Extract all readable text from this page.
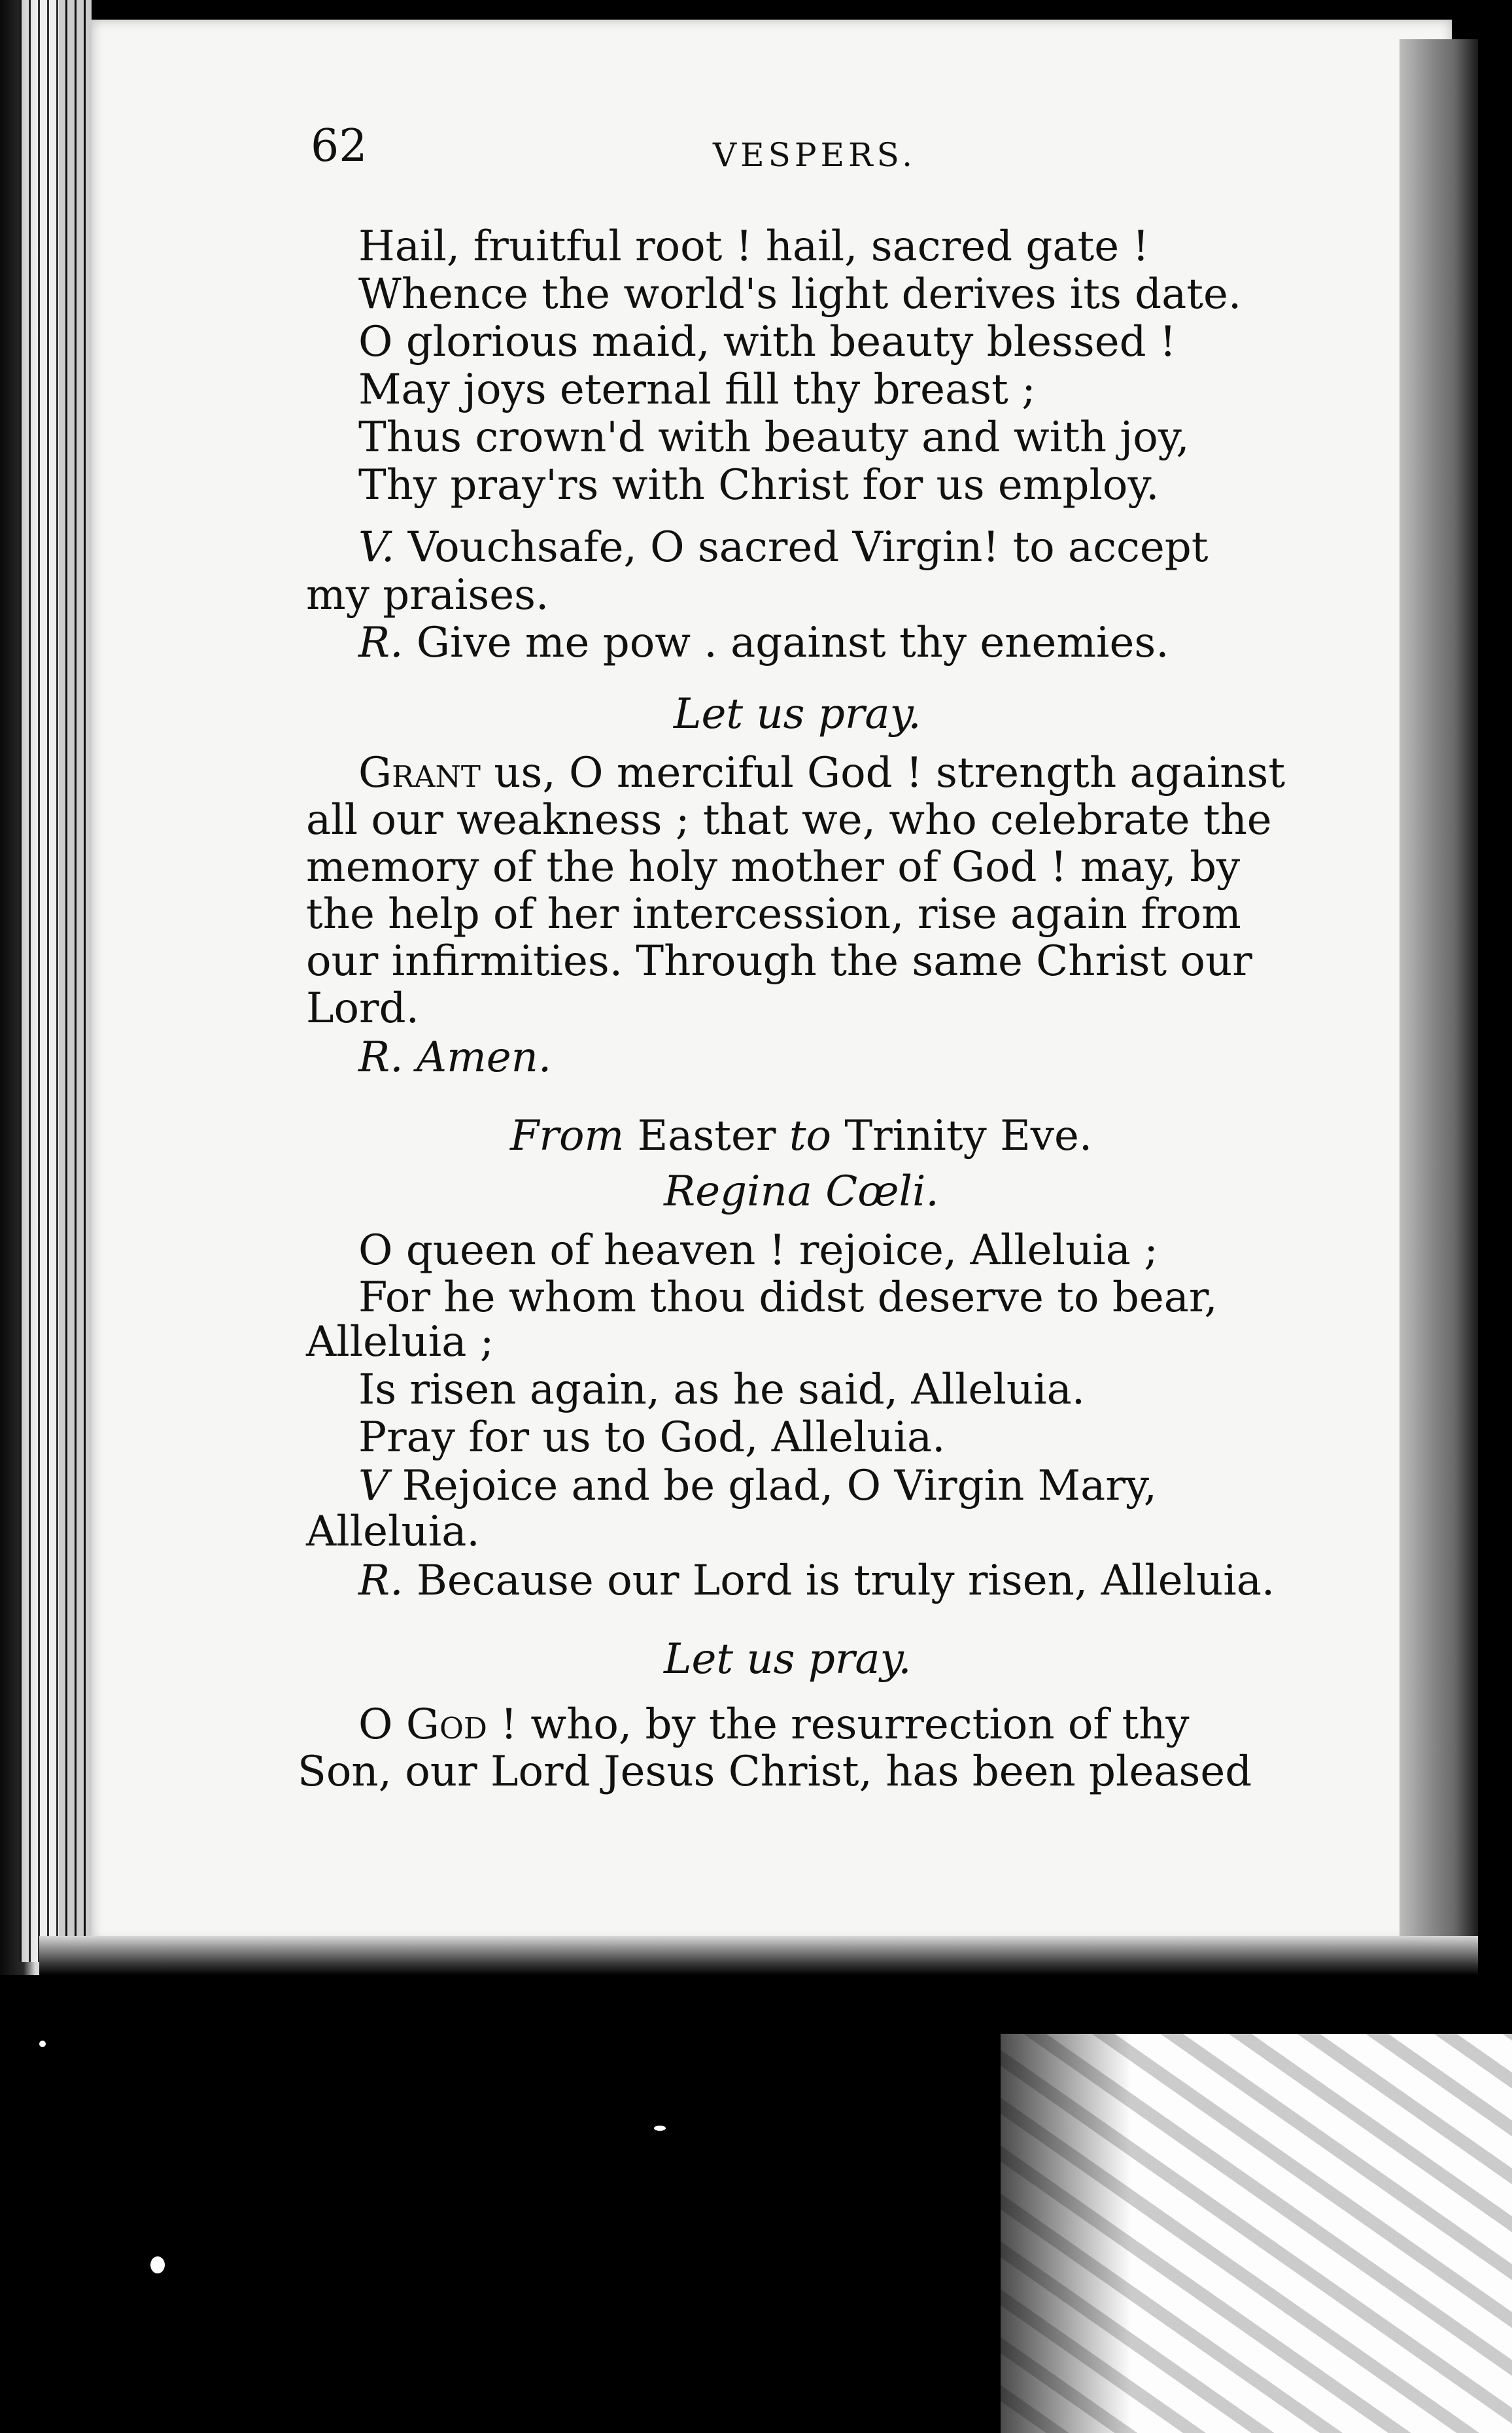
62	VESPERS.
Hail, fruitful root ! hail, sacred gate !
Whence the world's light derives its date.
O glorious maid, with beauty blessed !
May joys eternal fill thy breast ;
Thus crown'd with beauty and with joy,
Thy pray'rs with Christ for us employ.
V. Vouchsafe, O sacred Virgin! to accept
my praises.
R. Give me pow . against thy enemies.
Let us pray.
Grant us, O merciful God ! strength against
all our weakness ; that we, who celebrate the
memory of the holy mother of God ! may, by
the help of her intercession, rise again from
our infirmities. Through the same Christ our
Lord.
R. Amen.
From Easter to Trinity Eve.
Regina Cœli.
O queen of heaven ! rejoice, Alleluia ;
For he whom thou didst deserve to bear,
Alleluia ;
Is risen again, as he said, Alleluia.
Pray for us to God, Alleluia.
V Rejoice and be glad, O Virgin Mary,
Alleluia.
R. Because our Lord is truly risen, Alleluia.
Let us pray.
O God ! who, by the resurrection of thy
Son, our Lord Jesus Christ, has been pleased
